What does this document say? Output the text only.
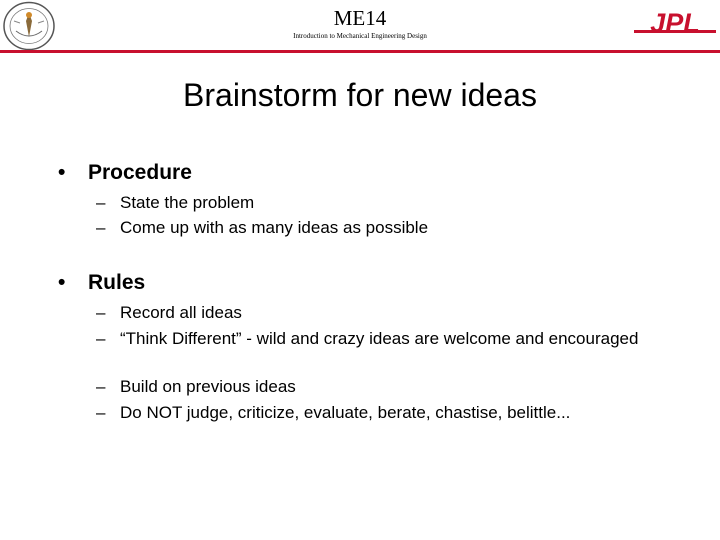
ME14
Introduction to Mechanical Engineering Design	JPL
Brainstorm for new ideas
• Procedure
– State the problem
– Come up with as many ideas as possible
• Rules
– Record all ideas
– “Think Different” - wild and crazy ideas are welcome and encouraged
– Build on previous ideas
– Do NOT judge, criticize, evaluate, berate, chastise, belittle...
